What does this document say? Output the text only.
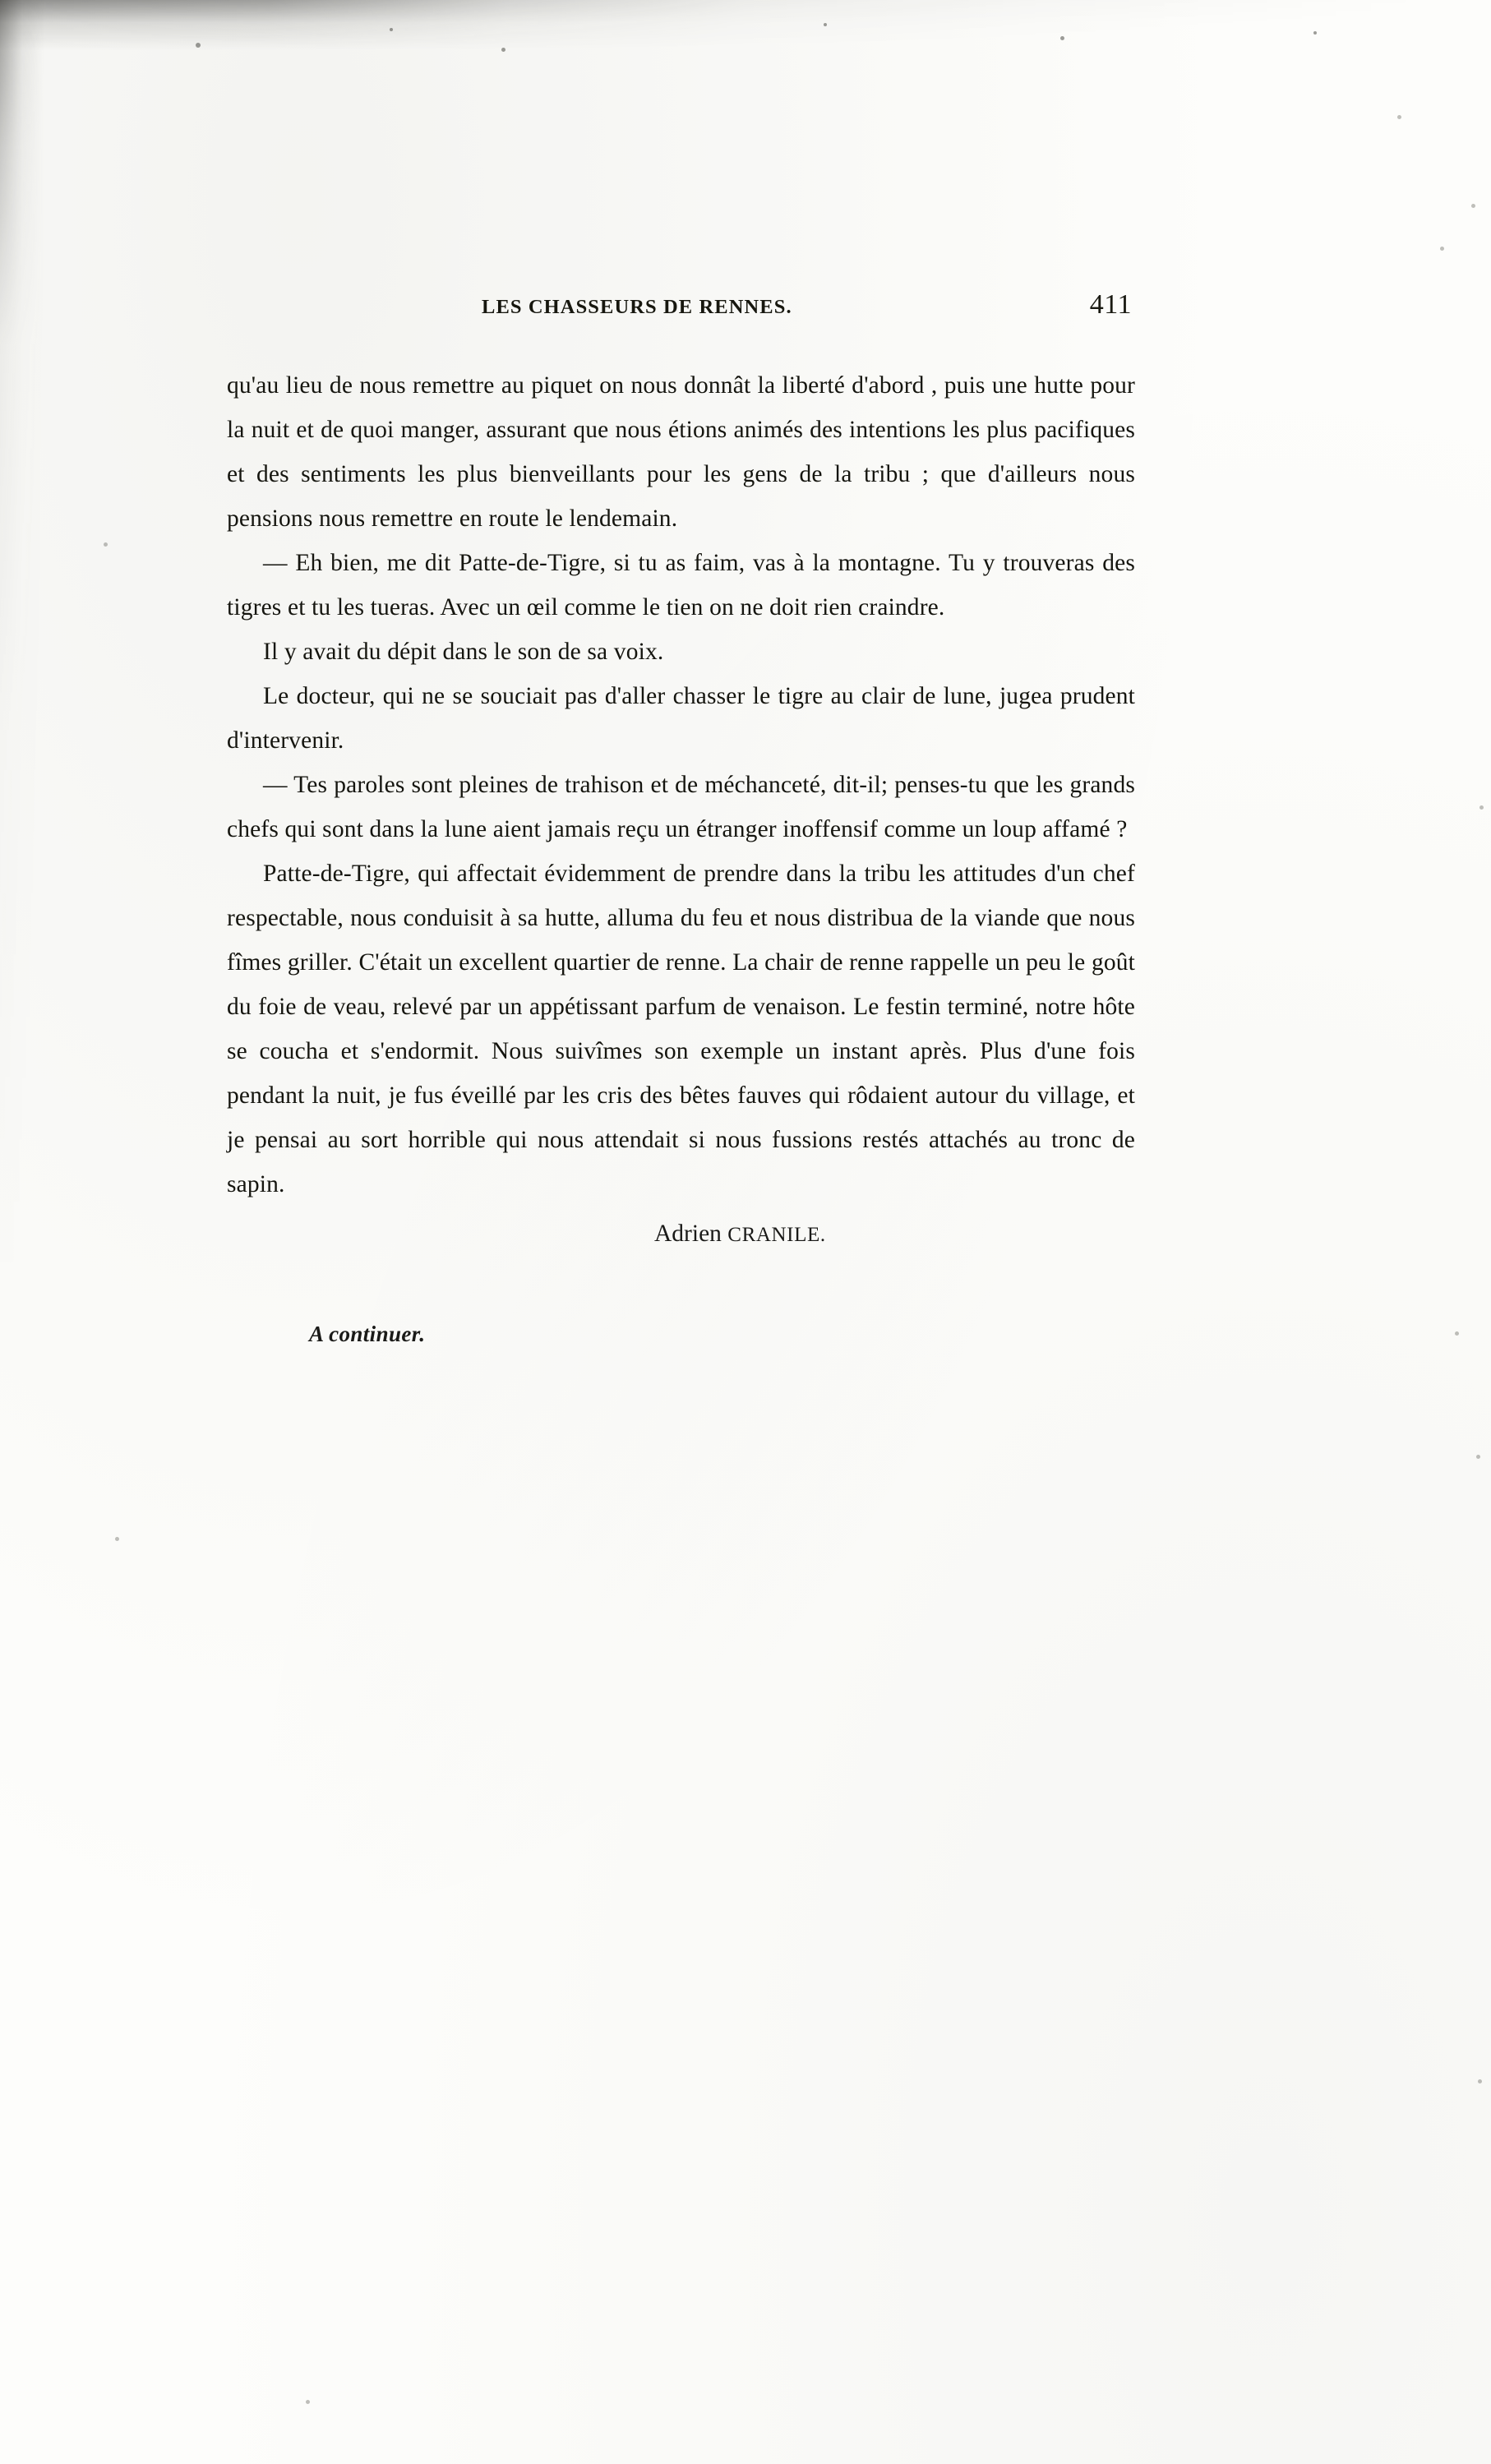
LES CHASSEURS DE RENNES.	411

qu'au lieu de nous remettre au piquet on nous donnât la liberté d'abord , puis une hutte pour la nuit et de quoi manger, assurant que nous étions animés des intentions les plus pacifiques et des sentiments les plus bienveillants pour les gens de la tribu ; que d'ailleurs nous pensions nous remettre en route le lendemain.

— Eh bien, me dit Patte-de-Tigre, si tu as faim, vas à la montagne. Tu y trouveras des tigres et tu les tueras. Avec un œil comme le tien on ne doit rien craindre.

Il y avait du dépit dans le son de sa voix.

Le docteur, qui ne se souciait pas d'aller chasser le tigre au clair de lune, jugea prudent d'intervenir.

— Tes paroles sont pleines de trahison et de méchanceté, dit-il; penses-tu que les grands chefs qui sont dans la lune aient jamais reçu un étranger inoffensif comme un loup affamé ?

Patte-de-Tigre, qui affectait évidemment de prendre dans la tribu les attitudes d'un chef respectable, nous conduisit à sa hutte, alluma du feu et nous distribua de la viande que nous fîmes griller. C'était un excellent quartier de renne. La chair de renne rappelle un peu le goût du foie de veau, relevé par un appétissant parfum de venaison. Le festin terminé, notre hôte se coucha et s'endormit. Nous suivîmes son exemple un instant après. Plus d'une fois pendant la nuit, je fus éveillé par les cris des bêtes fauves qui rôdaient autour du village, et je pensai au sort horrible qui nous attendait si nous fussions restés attachés au tronc de sapin.

Adrien CRANILE.
A continuer.
